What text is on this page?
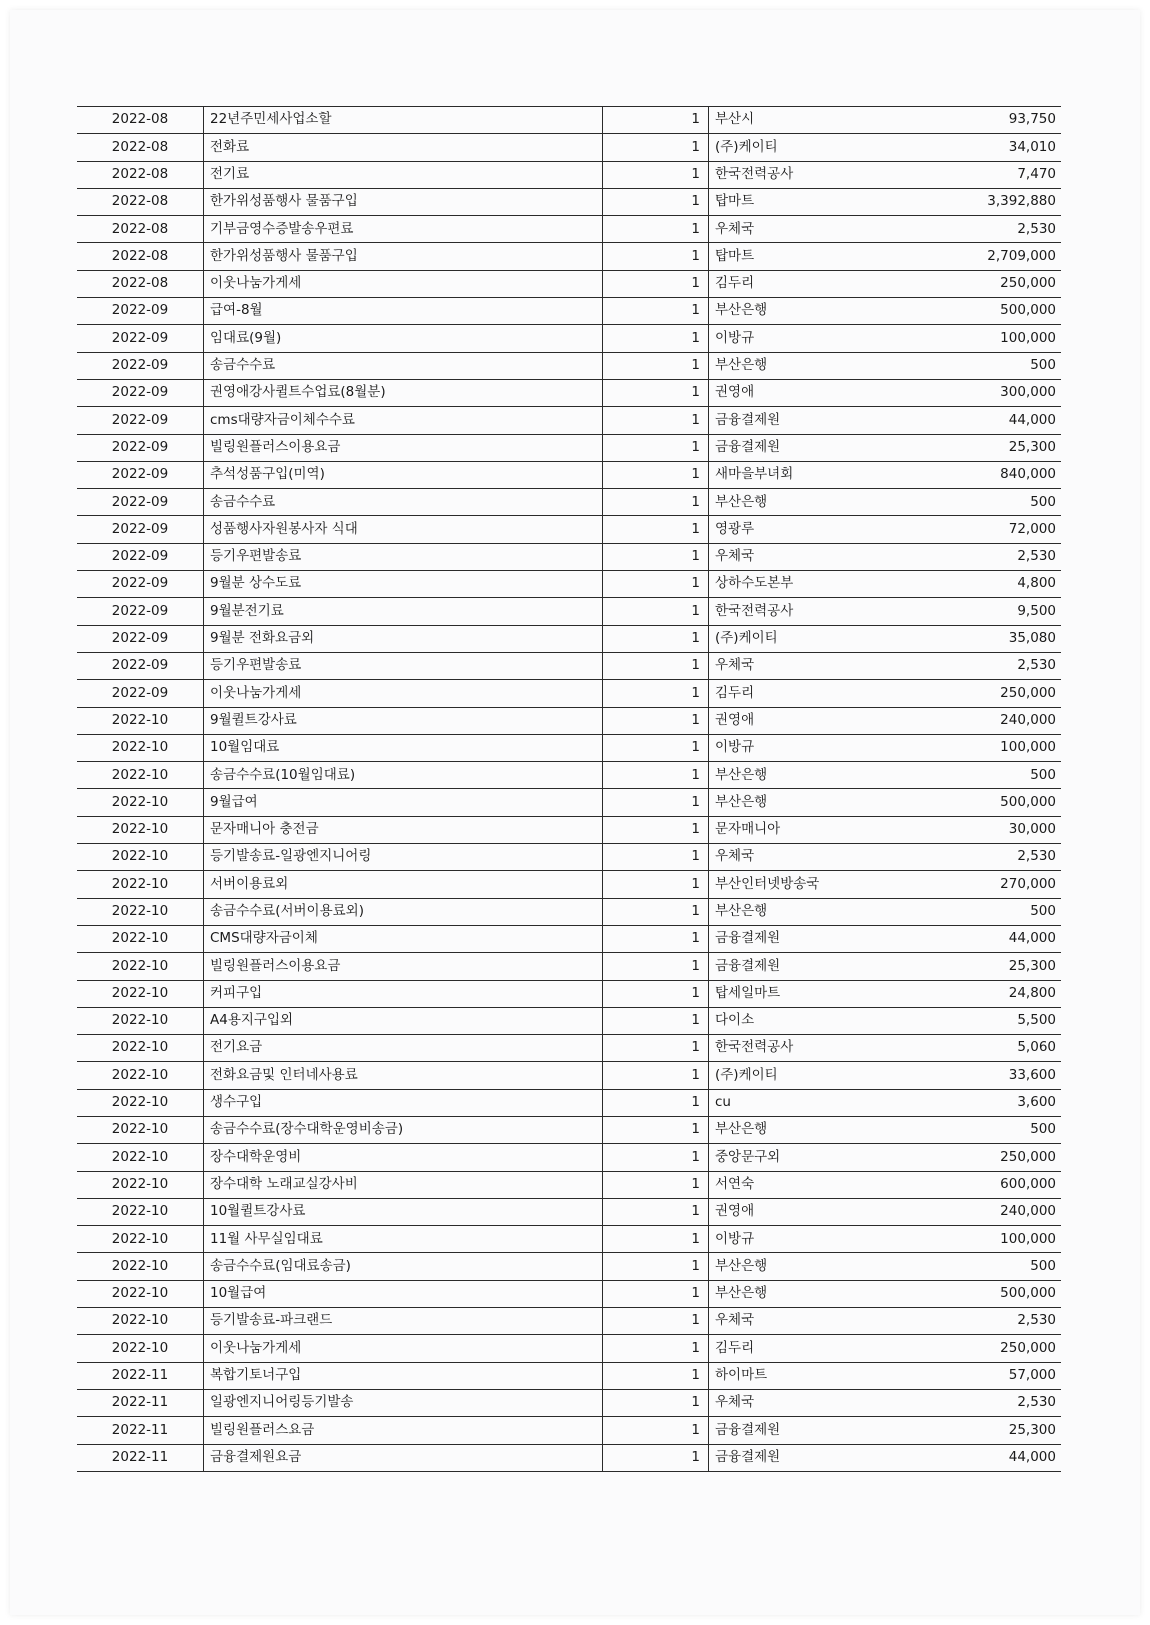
2022-08	22년주민세사업소할	1	부산시	93,750
2022-08	전화료	1	(주)케이티	34,010
2022-08	전기료	1	한국전력공사	7,470
2022-08	한가위성품행사 물품구입	1	탑마트	3,392,880
2022-08	기부금영수증발송우편료	1	우체국	2,530
2022-08	한가위성품행사 물품구입	1	탑마트	2,709,000
2022-08	이웃나눔가게세	1	김두리	250,000
2022-09	급여-8월	1	부산은행	500,000
2022-09	임대료(9월)	1	이방규	100,000
2022-09	송금수수료	1	부산은행	500
2022-09	권영애강사퀼트수업료(8월분)	1	권영애	300,000
2022-09	cms대량자금이체수수료	1	금융결제원	44,000
2022-09	빌링원플러스이용요금	1	금융결제원	25,300
2022-09	추석성품구입(미역)	1	새마을부녀회	840,000
2022-09	송금수수료	1	부산은행	500
2022-09	성품행사자원봉사자 식대	1	영광루	72,000
2022-09	등기우편발송료	1	우체국	2,530
2022-09	9월분 상수도료	1	상하수도본부	4,800
2022-09	9월분전기료	1	한국전력공사	9,500
2022-09	9월분 전화요금외	1	(주)케이티	35,080
2022-09	등기우편발송료	1	우체국	2,530
2022-09	이웃나눔가게세	1	김두리	250,000
2022-10	9월퀼트강사료	1	권영애	240,000
2022-10	10월임대료	1	이방규	100,000
2022-10	송금수수료(10월임대료)	1	부산은행	500
2022-10	9월급여	1	부산은행	500,000
2022-10	문자매니아 충전금	1	문자매니아	30,000
2022-10	등기발송료-일광엔지니어링	1	우체국	2,530
2022-10	서버이용료외	1	부산인터넷방송국	270,000
2022-10	송금수수료(서버이용료외)	1	부산은행	500
2022-10	CMS대량자금이체	1	금융결제원	44,000
2022-10	빌링원플러스이용요금	1	금융결제원	25,300
2022-10	커피구입	1	탑세일마트	24,800
2022-10	A4용지구입외	1	다이소	5,500
2022-10	전기요금	1	한국전력공사	5,060
2022-10	전화요금및 인터네사용료	1	(주)케이티	33,600
2022-10	생수구입	1	cu	3,600
2022-10	송금수수료(장수대학운영비송금)	1	부산은행	500
2022-10	장수대학운영비	1	중앙문구외	250,000
2022-10	장수대학 노래교실강사비	1	서연숙	600,000
2022-10	10월퀼트강사료	1	권영애	240,000
2022-10	11월 사무실임대료	1	이방규	100,000
2022-10	송금수수료(임대료송금)	1	부산은행	500
2022-10	10월급여	1	부산은행	500,000
2022-10	등기발송료-파크랜드	1	우체국	2,530
2022-10	이웃나눔가게세	1	김두리	250,000
2022-11	복합기토너구입	1	하이마트	57,000
2022-11	일광엔지니어링등기발송	1	우체국	2,530
2022-11	빌링원플러스요금	1	금융결제원	25,300
2022-11	금융결제원요금	1	금융결제원	44,000
